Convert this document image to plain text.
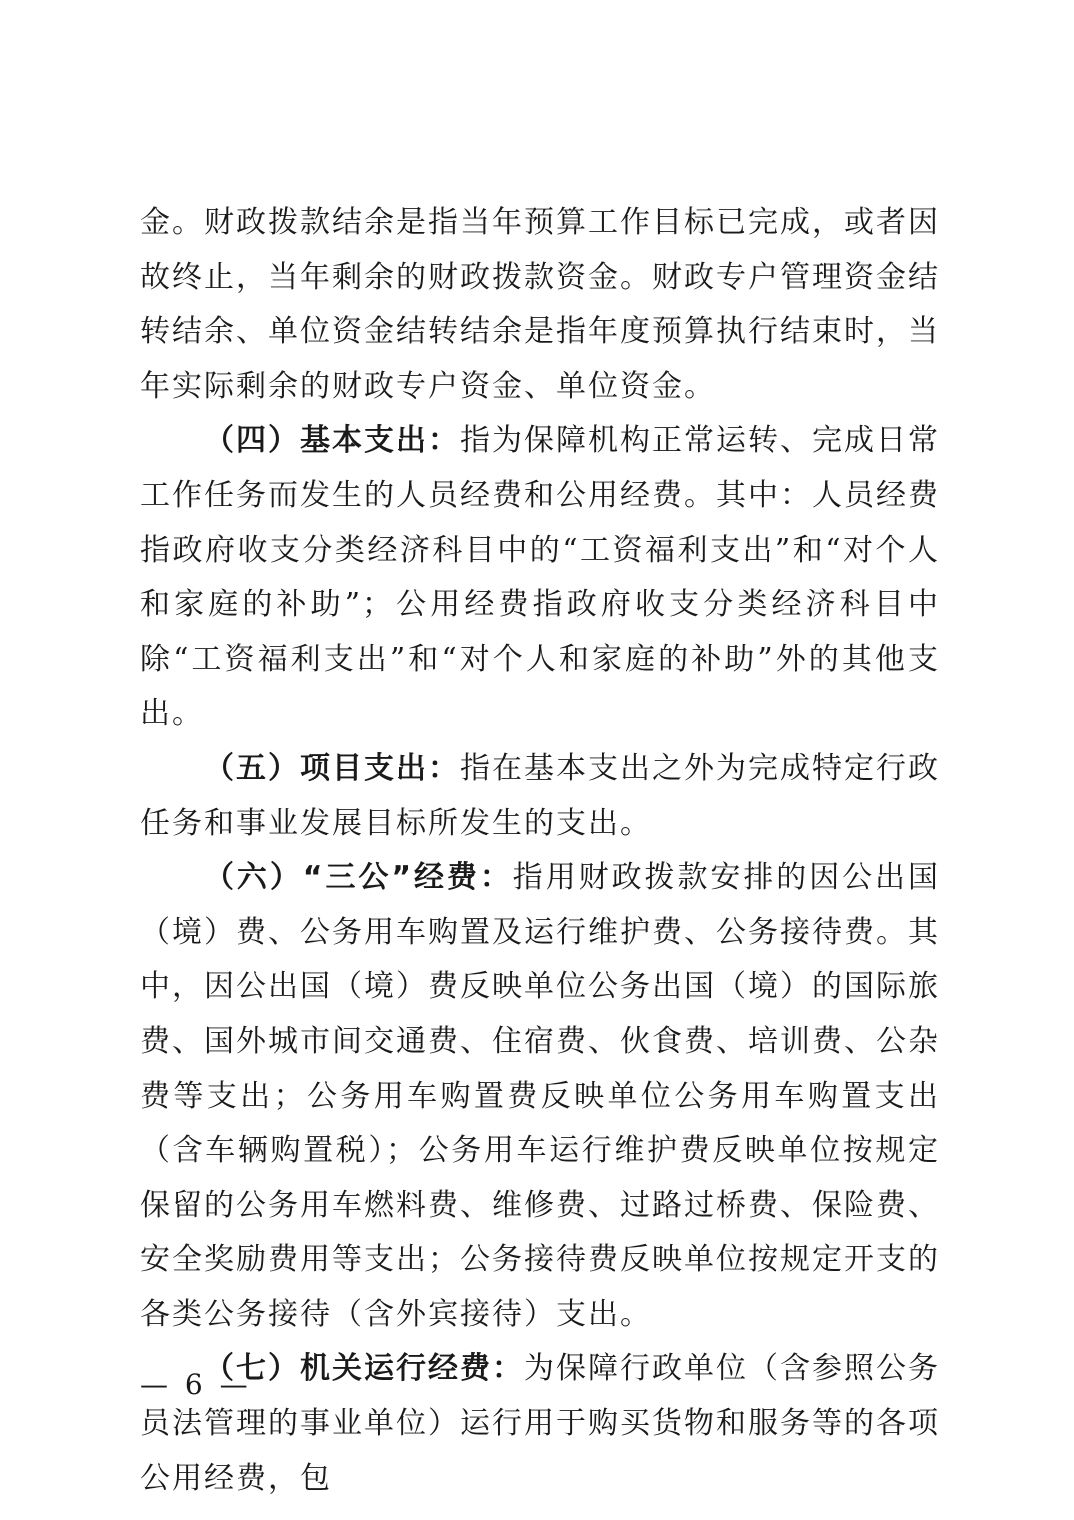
金。财政拨款结余是指当年预算工作目标已完成，或者因故终止，当年剩余的财政拨款资金。财政专户管理资金结转结余、单位资金结转结余是指年度预算执行结束时，当年实际剩余的财政专户资金、单位资金。

（四）基本支出：指为保障机构正常运转、完成日常工作任务而发生的人员经费和公用经费。其中：人员经费指政府收支分类经济科目中的“工资福利支出”和“对个人和家庭的补助”；公用经费指政府收支分类经济科目中除“工资福利支出”和“对个人和家庭的补助”外的其他支出。

（五）项目支出：指在基本支出之外为完成特定行政任务和事业发展目标所发生的支出。

（六）“三公”经费：指用财政拨款安排的因公出国（境）费、公务用车购置及运行维护费、公务接待费。其中，因公出国（境）费反映单位公务出国（境）的国际旅费、国外城市间交通费、住宿费、伙食费、培训费、公杂费等支出；公务用车购置费反映单位公务用车购置支出（含车辆购置税）；公务用车运行维护费反映单位按规定保留的公务用车燃料费、维修费、过路过桥费、保险费、安全奖励费用等支出；公务接待费反映单位按规定开支的各类公务接待（含外宾接待）支出。

（七）机关运行经费：为保障行政单位（含参照公务员法管理的事业单位）运行用于购买货物和服务等的各项公用经费，包

— 6 —
